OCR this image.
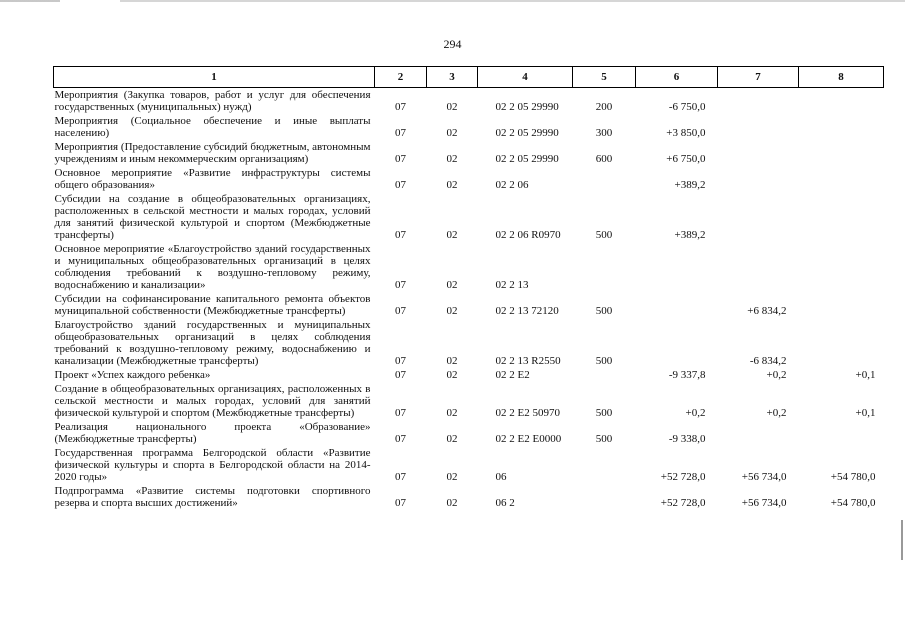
294
1	2	3	4	5	6	7	8
Мероприятия (Закупка товаров, работ и услуг для обеспечения государственных (муниципальных) нужд)	07	02	02 2 05 29990	200	-6 750,0		
Мероприятия (Социальное обеспечение и иные выплаты населению)	07	02	02 2 05 29990	300	+3 850,0		
Мероприятия (Предоставление субсидий бюджетным, автономным учреждениям и иным некоммерческим организациям)	07	02	02 2 05 29990	600	+6 750,0		
Основное мероприятие «Развитие инфраструктуры системы общего образования»	07	02	02 2 06		+389,2		
Субсидии на создание в общеобразовательных организациях, расположенных в сельской местности и малых городах, условий для занятий физической культурой и спортом (Межбюджетные трансферты)	07	02	02 2 06 R0970	500	+389,2		
Основное мероприятие «Благоустройство зданий государственных и муниципальных общеобразовательных организаций в целях соблюдения требований к воздушно-тепловому режиму, водоснабжению и канализации»	07	02	02 2 13				
Субсидии на софинансирование капитального ремонта объектов муниципальной собственности (Межбюджетные трансферты)	07	02	02 2 13 72120	500		+6 834,2	
Благоустройство зданий государственных и муниципальных общеобразовательных организаций в целях соблюдения требований к воздушно-тепловому режиму, водоснабжению и канализации (Межбюджетные трансферты)	07	02	02 2 13 R2550	500		-6 834,2	
Проект «Успех каждого ребенка»	07	02	02 2 E2		-9 337,8	+0,2	+0,1
Создание в общеобразовательных организациях, расположенных в сельской местности и малых городах, условий для занятий физической культурой и спортом (Межбюджетные трансферты)	07	02	02 2 E2 50970	500	+0,2	+0,2	+0,1
Реализация национального проекта «Образование» (Межбюджетные трансферты)	07	02	02 2 E2 E0000	500	-9 338,0		
Государственная программа Белгородской области «Развитие физической культуры и спорта в Белгородской области на 2014-2020 годы»	07	02	06		+52 728,0	+56 734,0	+54 780,0
Подпрограмма «Развитие системы подготовки спортивного резерва и спорта высших достижений»	07	02	06 2		+52 728,0	+56 734,0	+54 780,0
